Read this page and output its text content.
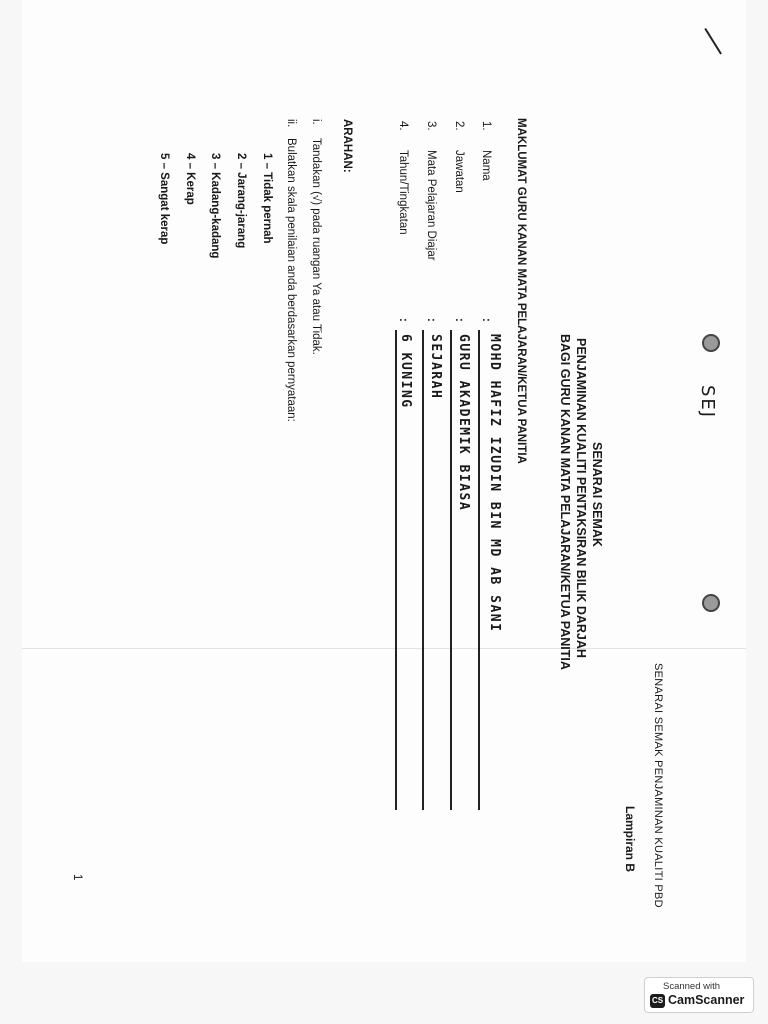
SENARAI SEMAK PENJAMINAN KUALITI PBD
Lampiran B
SEJ
SENARAI SEMAK
PENJAMINAN KUALITI PENTAKSIRAN BILIK DARJAH
BAGI GURU KANAN MATA PELAJARAN/KETUA PANITIA
MAKLUMAT GURU KANAN MATA PELAJARAN/KETUA PANITIA
1.
Nama
:
MOHD HAFIZ IZUDIN BIN MD AB SANI
2.
Jawatan
:
GURU AKADEMIK BIASA
3.
Mata Pelajaran Diajar
:
SEJARAH
4.
Tahun/Tingkatan
:
6 KUNING
ARAHAN:
i.
Tandakan (√) pada ruangan Ya atau Tidak.
ii.
Bulatkan skala penilaian anda berdasarkan pernyataan:
1 – Tidak pernah
2 – Jarang-jarang
3 – Kadang-kadang
4 – Kerap
5 – Sangat kerap
1
Scanned with
CS CamScanner
